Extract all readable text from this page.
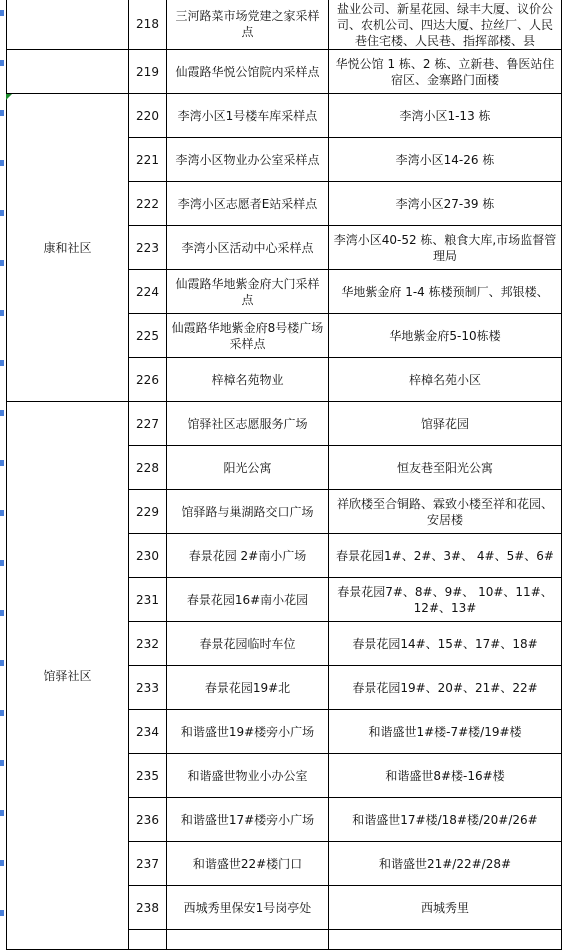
	218	三河路菜市场党建之家采样点	盐业公司、新星花园、绿丰大厦、议价公司、农机公司、四达大厦、拉丝厂、人民巷住宅楼、人民巷、指挥部楼、县

	219	仙霞路华悦公馆院内采样点	华悦公馆 1 栋、2 栋、立新巷、鲁医站住宿区、金寨路门面楼
康和社区	220	李湾小区1号楼车库采样点	李湾小区1-13 栋
	221	李湾小区物业办公室采样点	李湾小区14-26 栋
	222	李湾小区志愿者E站采样点	李湾小区27-39 栋
	223	李湾小区活动中心采样点	李湾小区40-52 栋、粮食大库,市场监督管理局
	224	仙霞路华地紫金府大门采样点	华地紫金府 1-4 栋楼预制厂、邦银楼、
	225	仙霞路华地紫金府8号楼广场采样点	华地紫金府5-10栋楼
	226	梓樟名苑物业	梓樟名苑小区
馆驿社区	227	馆驿社区志愿服务广场	馆驿花园
	228	阳光公寓	恒友巷至阳光公寓
	229	馆驿路与巢湖路交口广场	祥欣楼至合铜路、霖致小楼至祥和花园、安居楼
	230	春景花园 2#南小广场	春景花园1#、2#、3#、 4#、5#、6#
	231	春景花园16#南小花园	春景花园7#、8#、9#、 10#、11#、12#、13#
	232	春景花园临时车位	春景花园14#、15#、17#、18#
	233	春景花园19#北	春景花园19#、20#、21#、22#
	234	和谐盛世19#楼旁小广场	和谐盛世1#楼-7#楼/19#楼
	235	和谐盛世物业小办公室	和谐盛世8#楼-16#楼
	236	和谐盛世17#楼旁小广场	和谐盛世17#楼/18#楼/20#/26#
	237	和谐盛世22#楼门口	和谐盛世21#/22#/28#
	238	西城秀里保安1号岗亭处	西城秀里
